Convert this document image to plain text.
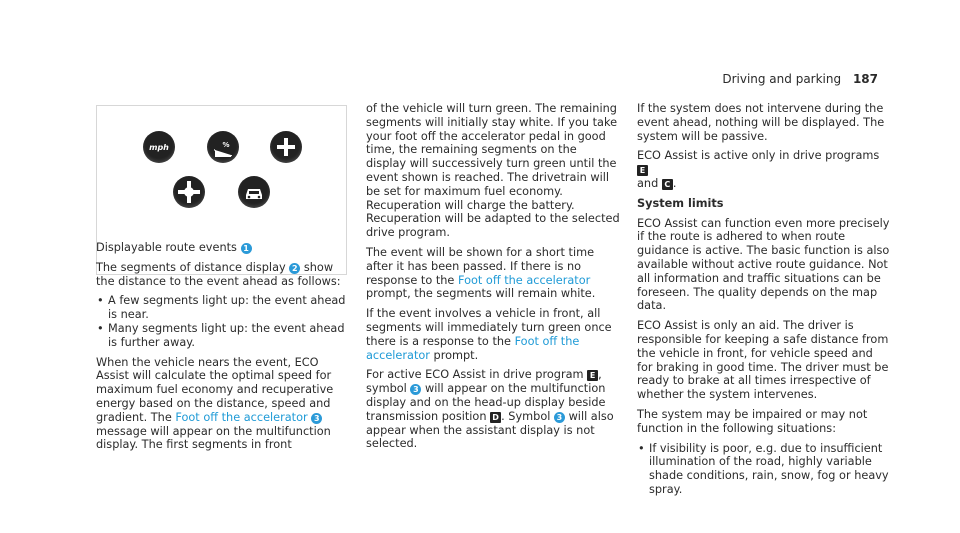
Driving and parking 187
mph	%

Displayable route events 1

The segments of distance display 2 show the distance to the event ahead as follows:

• A few segments light up: the event ahead is near.
• Many segments light up: the event ahead is further away.

When the vehicle nears the event, ECO Assist will calculate the optimal speed for maximum fuel economy and recuperative energy based on the distance, speed and gradient. The Foot off the accelerator 3 message will appear on the multifunction display. The first segments in front

of the vehicle will turn green. The remaining segments will initially stay white. If you take your foot off the accelerator pedal in good time, the remaining segments on the display will successively turn green until the event shown is reached. The drivetrain will be set for maximum fuel economy. Recuperation will charge the battery. Recuperation will be adapted to the selected drive program.

The event will be shown for a short time after it has been passed. If there is no response to the Foot off the accelerator prompt, the segments will remain white.

If the event involves a vehicle in front, all segments will immediately turn green once there is a response to the Foot off the accelerator prompt.

For active ECO Assist in drive program E , symbol 3 will appear on the multifunction display and on the head-up display beside transmission position D . Symbol 3 will also appear when the assistant display is not selected.

If the system does not intervene during the event ahead, nothing will be displayed. The system will be passive.

ECO Assist is active only in drive programs E
and C .

System limits

ECO Assist can function even more precisely if the route is adhered to when route guidance is active. The basic function is also available without active route guidance. Not all information and traffic situations can be foreseen. The quality depends on the map data.

ECO Assist is only an aid. The driver is responsible for keeping a safe distance from the vehicle in front, for vehicle speed and for braking in good time. The driver must be ready to brake at all times irrespective of whether the system intervenes.

The system may be impaired or may not function in the following situations:

• If visibility is poor, e.g. due to insufficient illumination of the road, highly variable shade conditions, rain, snow, fog or heavy spray.
